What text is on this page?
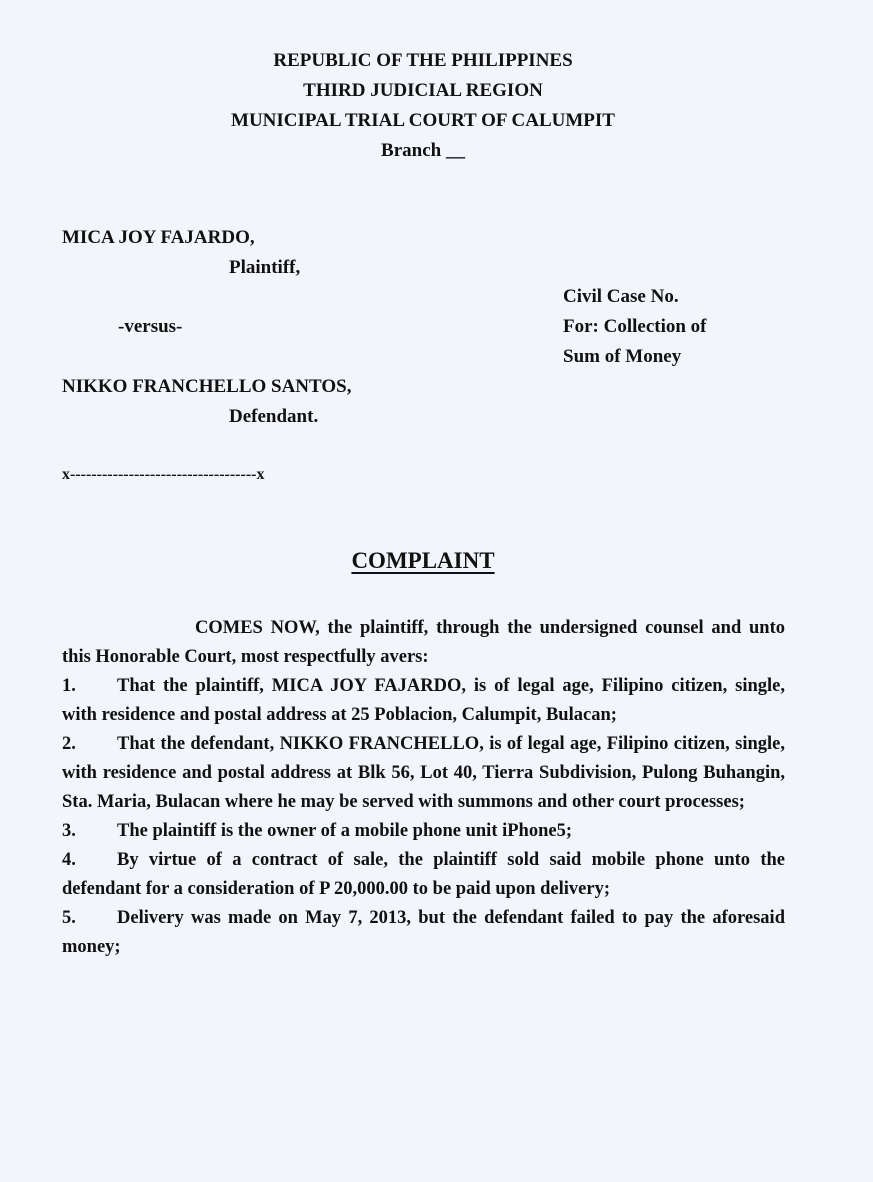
REPUBLIC OF THE PHILIPPINES
THIRD JUDICIAL REGION
MUNICIPAL TRIAL COURT OF CALUMPIT
Branch __
MICA JOY FAJARDO,
Plaintiff,
Civil Case No.
-versus-	For: Collection of
Sum of Money
NIKKO FRANCHELLO SANTOS,
Defendant.
x-----------------------------------x
COMPLAINT

COMES NOW, the plaintiff, through the undersigned counsel and unto this Honorable Court, most respectfully avers:

1. That the plaintiff, MICA JOY FAJARDO, is of legal age, Filipino citizen, single, with residence and postal address at 25 Poblacion, Calumpit, Bulacan;

2. That the defendant, NIKKO FRANCHELLO, is of legal age, Filipino citizen, single, with residence and postal address at Blk 56, Lot 40, Tierra Subdivision, Pulong Buhangin, Sta. Maria, Bulacan where he may be served with summons and other court processes;

3. The plaintiff is the owner of a mobile phone unit iPhone5;

4. By virtue of a contract of sale, the plaintiff sold said mobile phone unto the defendant for a consideration of P 20,000.00 to be paid upon delivery;

5. Delivery was made on May 7, 2013, but the defendant failed to pay the aforesaid money;
